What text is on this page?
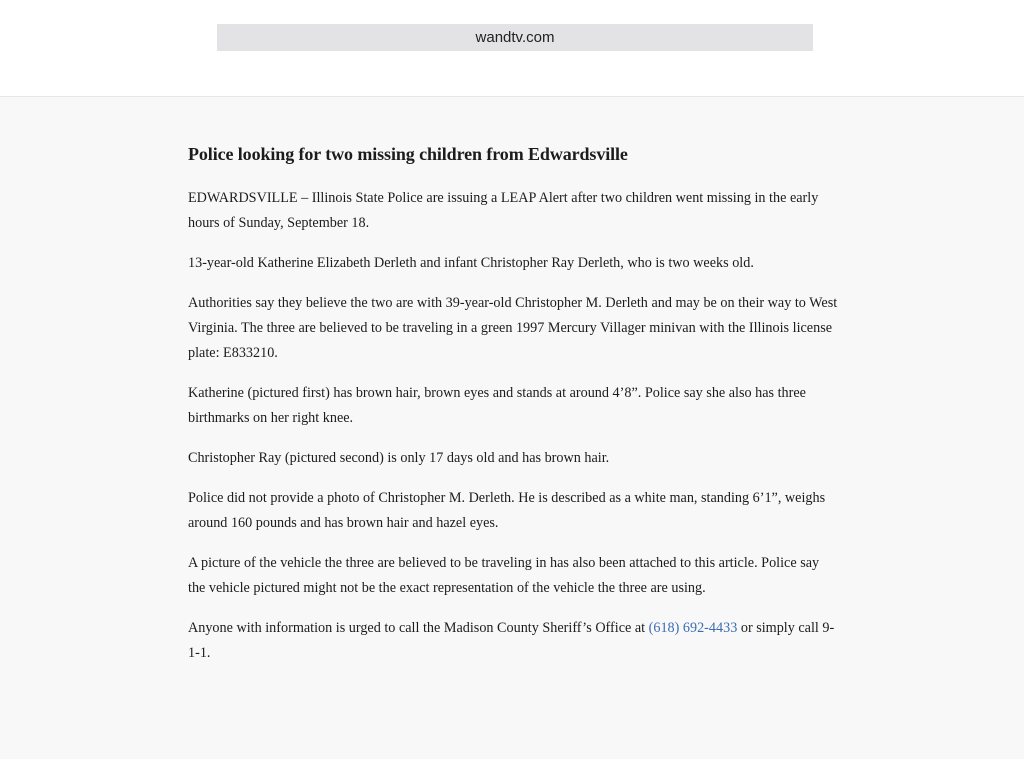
wandtv.com
Police looking for two missing children from Edwardsville

EDWARDSVILLE – Illinois State Police are issuing a LEAP Alert after two children went missing in the early hours of Sunday, September 18.

13-year-old Katherine Elizabeth Derleth and infant Christopher Ray Derleth, who is two weeks old.

Authorities say they believe the two are with 39-year-old Christopher M. Derleth and may be on their way to West Virginia. The three are believed to be traveling in a green 1997 Mercury Villager minivan with the Illinois license plate: E833210.

Katherine (pictured first) has brown hair, brown eyes and stands at around 4’8”. Police say she also has three birthmarks on her right knee.

Christopher Ray (pictured second) is only 17 days old and has brown hair.

Police did not provide a photo of Christopher M. Derleth. He is described as a white man, standing 6’1”, weighs around 160 pounds and has brown hair and hazel eyes.

A picture of the vehicle the three are believed to be traveling in has also been attached to this article. Police say the vehicle pictured might not be the exact representation of the vehicle the three are using.

Anyone with information is urged to call the Madison County Sheriff’s Office at (618) 692-4433 or simply call 9-1-1.
